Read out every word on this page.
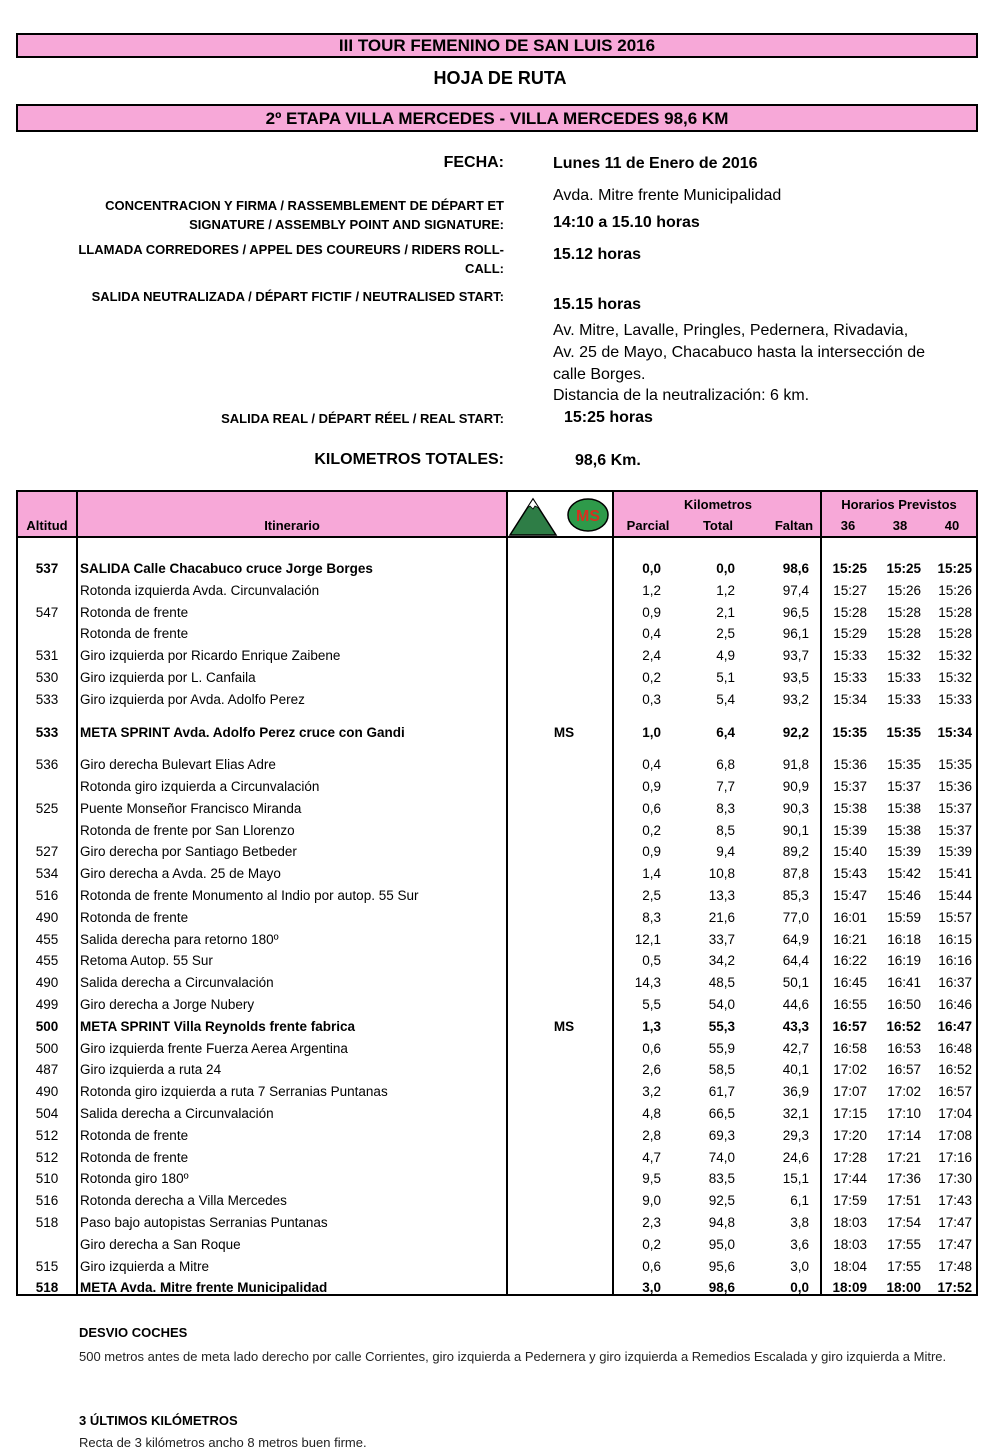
III TOUR FEMENINO DE SAN LUIS 2016
HOJA DE RUTA
2º ETAPA VILLA MERCEDES - VILLA MERCEDES 98,6 KM
FECHA:	Lunes 11 de Enero de 2016
Avda. Mitre frente Municipalidad
CONCENTRACION Y FIRMA / RASSEMBLEMENT DE DÉPART ET
SIGNATURE / ASSEMBLY POINT AND SIGNATURE:	14:10 a 15.10 horas
LLAMADA CORREDORES / APPEL DES COUREURS / RIDERS ROLL-
CALL:
15.12 horas
SALIDA NEUTRALIZADA / DÉPART FICTIF / NEUTRALISED START:	15.15 horas
Av. Mitre, Lavalle, Pringles, Pedernera, Rivadavia,
Av. 25 de Mayo, Chacabuco hasta la intersección de
calle Borges.
Distancia de la neutralización: 6 km.
SALIDA REAL / DÉPART RÉEL / REAL START:	15:25 horas
KILOMETROS TOTALES:	98,6 Km.
Altitud	Itinerario
MS
Kilometros
Parcial	Total	Faltan
Horarios Previstos
36	38	40
537	SALIDA Calle Chacabuco cruce Jorge Borges	0,0	0,0	98,6	15:25	15:25	15:25
Rotonda izquierda Avda. Circunvalación	1,2	1,2	97,4	15:27	15:26	15:26
547	Rotonda de frente	0,9	2,1	96,5	15:28	15:28	15:28
Rotonda de frente	0,4	2,5	96,1	15:29	15:28	15:28
531	Giro izquierda por Ricardo Enrique Zaibene	2,4	4,9	93,7	15:33	15:32	15:32
530	Giro izquierda por L. Canfaila	0,2	5,1	93,5	15:33	15:33	15:32
533	Giro izquierda por Avda. Adolfo Perez	0,3	5,4	93,2	15:34	15:33	15:33
533	META SPRINT Avda. Adolfo Perez cruce con Gandi	MS	1,0	6,4	92,2	15:35	15:35	15:34
536	Giro derecha Bulevart Elias Adre	0,4	6,8	91,8	15:36	15:35	15:35
Rotonda giro izquierda a Circunvalación	0,9	7,7	90,9	15:37	15:37	15:36
525	Puente Monseñor Francisco Miranda	0,6	8,3	90,3	15:38	15:38	15:37
Rotonda de frente por San Llorenzo	0,2	8,5	90,1	15:39	15:38	15:37
527	Giro derecha por Santiago Betbeder	0,9	9,4	89,2	15:40	15:39	15:39
534	Giro derecha a Avda. 25 de Mayo	1,4	10,8	87,8	15:43	15:42	15:41
516	Rotonda de frente Monumento al Indio por autop. 55 Sur	2,5	13,3	85,3	15:47	15:46	15:44
490	Rotonda de frente	8,3	21,6	77,0	16:01	15:59	15:57
455	Salida derecha para retorno 180º	12,1	33,7	64,9	16:21	16:18	16:15
455	Retoma Autop. 55 Sur	0,5	34,2	64,4	16:22	16:19	16:16
490	Salida derecha a Circunvalación	14,3	48,5	50,1	16:45	16:41	16:37
499	Giro derecha a Jorge Nubery	5,5	54,0	44,6	16:55	16:50	16:46
500	META SPRINT Villa Reynolds frente fabrica	MS	1,3	55,3	43,3	16:57	16:52	16:47
500	Giro izquierda frente Fuerza Aerea Argentina	0,6	55,9	42,7	16:58	16:53	16:48
487	Giro izquierda a ruta 24	2,6	58,5	40,1	17:02	16:57	16:52
490	Rotonda giro izquierda a ruta 7 Serranias Puntanas	3,2	61,7	36,9	17:07	17:02	16:57
504	Salida derecha a Circunvalación	4,8	66,5	32,1	17:15	17:10	17:04
512	Rotonda de frente	2,8	69,3	29,3	17:20	17:14	17:08
512	Rotonda de frente	4,7	74,0	24,6	17:28	17:21	17:16
510	Rotonda giro 180º	9,5	83,5	15,1	17:44	17:36	17:30
516	Rotonda derecha a Villa Mercedes	9,0	92,5	6,1	17:59	17:51	17:43
518	Paso bajo autopistas Serranias Puntanas	2,3	94,8	3,8	18:03	17:54	17:47
Giro derecha a San Roque	0,2	95,0	3,6	18:03	17:55	17:47
515	Giro izquierda a Mitre	0,6	95,6	3,0	18:04	17:55	17:48
518	META Avda. Mitre frente Municipalidad	3,0	98,6	0,0	18:09	18:00	17:52
DESVIO COCHES
500 metros antes de meta lado derecho por calle Corrientes, giro izquierda a Pedernera y giro izquierda a Remedios Escalada y giro izquierda a Mitre.
3 ÚLTIMOS KILÓMETROS
Recta de 3 kilómetros ancho 8 metros buen firme.
